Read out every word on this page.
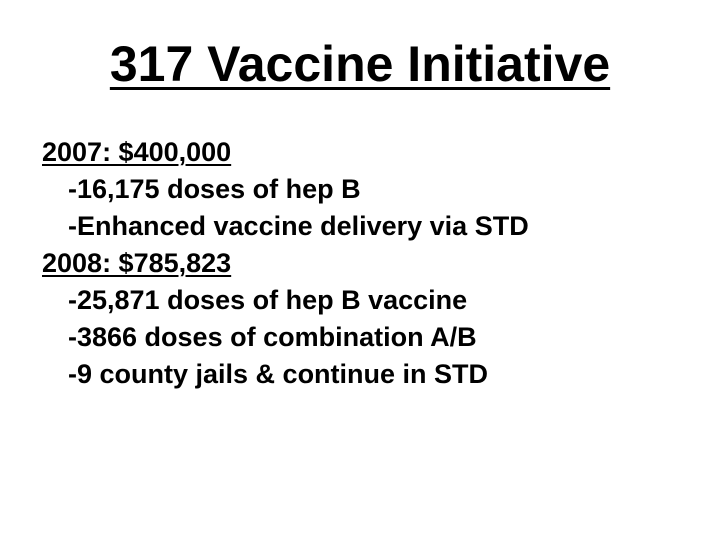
317 Vaccine Initiative
2007: $400,000
-16,175 doses of hep B
-Enhanced vaccine delivery via STD
2008: $785,823
-25,871 doses of hep B vaccine
-3866 doses of combination A/B
-9 county jails & continue in STD
